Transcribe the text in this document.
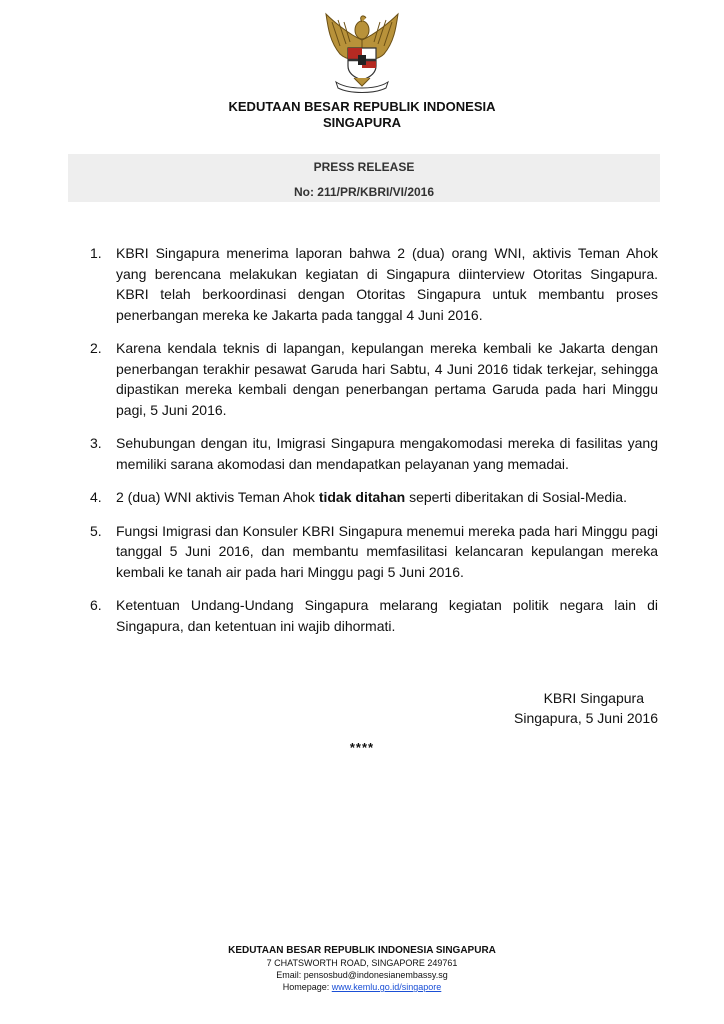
KEDUTAAN BESAR REPUBLIK INDONESIA
SINGAPURA
PRESS RELEASE
No: 211/PR/KBRI/VI/2016
1. KBRI Singapura menerima laporan bahwa 2 (dua) orang WNI, aktivis Teman Ahok yang berencana melakukan kegiatan di Singapura diinterview Otoritas Singapura. KBRI telah berkoordinasi dengan Otoritas Singapura untuk membantu proses penerbangan mereka ke Jakarta pada tanggal 4 Juni 2016.
2. Karena kendala teknis di lapangan, kepulangan mereka kembali ke Jakarta dengan penerbangan terakhir pesawat Garuda hari Sabtu, 4 Juni 2016 tidak terkejar, sehingga dipastikan mereka kembali dengan penerbangan pertama Garuda pada hari Minggu pagi, 5 Juni 2016.
3. Sehubungan dengan itu, Imigrasi Singapura mengakomodasi mereka di fasilitas yang memiliki sarana akomodasi dan mendapatkan pelayanan yang memadai.
4. 2 (dua) WNI aktivis Teman Ahok tidak ditahan seperti diberitakan di Sosial-Media.
5. Fungsi Imigrasi dan Konsuler KBRI Singapura menemui mereka pada hari Minggu pagi tanggal 5 Juni 2016, dan membantu memfasilitasi kelancaran kepulangan mereka kembali ke tanah air pada hari Minggu pagi 5 Juni 2016.
6. Ketentuan Undang-Undang Singapura melarang kegiatan politik negara lain di Singapura, dan ketentuan ini wajib dihormati.
KBRI Singapura
Singapura, 5 Juni 2016
****
KEDUTAAN BESAR REPUBLIK INDONESIA SINGAPURA
7 CHATSWORTH ROAD, SINGAPORE 249761
Email: pensosbud@indonesianembassy.sg
Homepage: www.kemlu.go.id/singapore
